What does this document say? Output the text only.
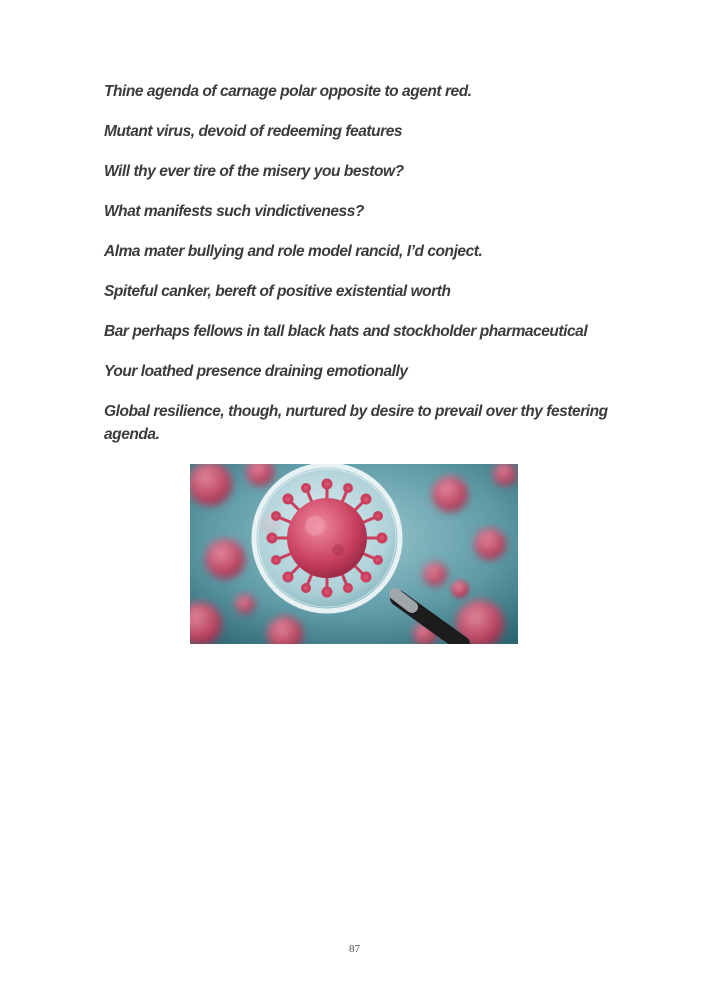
Thine agenda of carnage polar opposite to agent red.

Mutant virus, devoid of redeeming features

Will thy ever tire of the misery you bestow?

What manifests such vindictiveness?

Alma mater bullying and role model rancid, I’d conject.

Spiteful canker, bereft of positive existential worth

Bar perhaps fellows in tall black hats and stockholder pharmaceutical

Your loathed presence draining emotionally

Global resilience, though, nurtured by desire to prevail over thy festering agenda.

87
